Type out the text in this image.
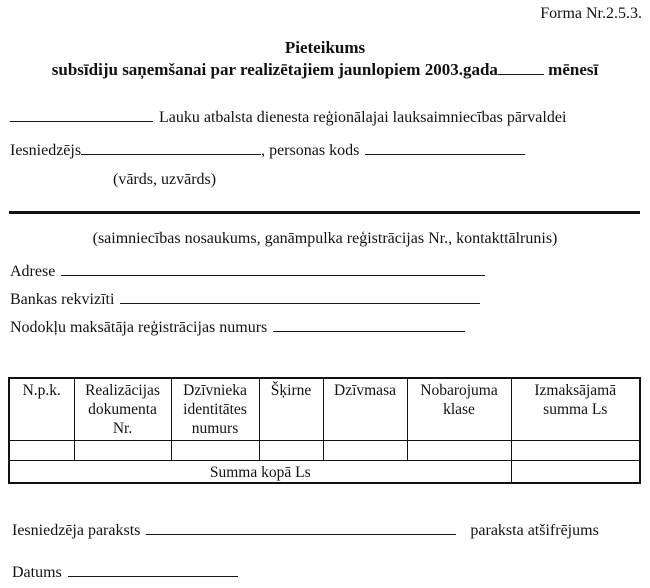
Forma Nr.2.5.3.
Pieteikums
subsīdiju saņemšanai par realizētajiem jaunlopiem 2003.gada	mēnesī
Lauku atbalsta dienesta reģionālajai lauksaimniecības pārvaldei
Iesniedzējs	, personas kods
(vārds, uzvārds)
(saimniecības nosaukums, ganāmpulka reģistrācijas Nr., kontakttālrunis)
Adrese
Bankas rekvizīti
Nodokļu maksātāja reģistrācijas numurs
N.p.k.	Realizācijas dokumenta Nr.	Dzīvnieka identitātes numurs	Šķirne	Dzīvmasa	Nobarojuma klase	Izmaksājamā summa Ls

Summa kopā Ls						
Iesniedzēja paraksts	paraksta atšifrējums
Datums
